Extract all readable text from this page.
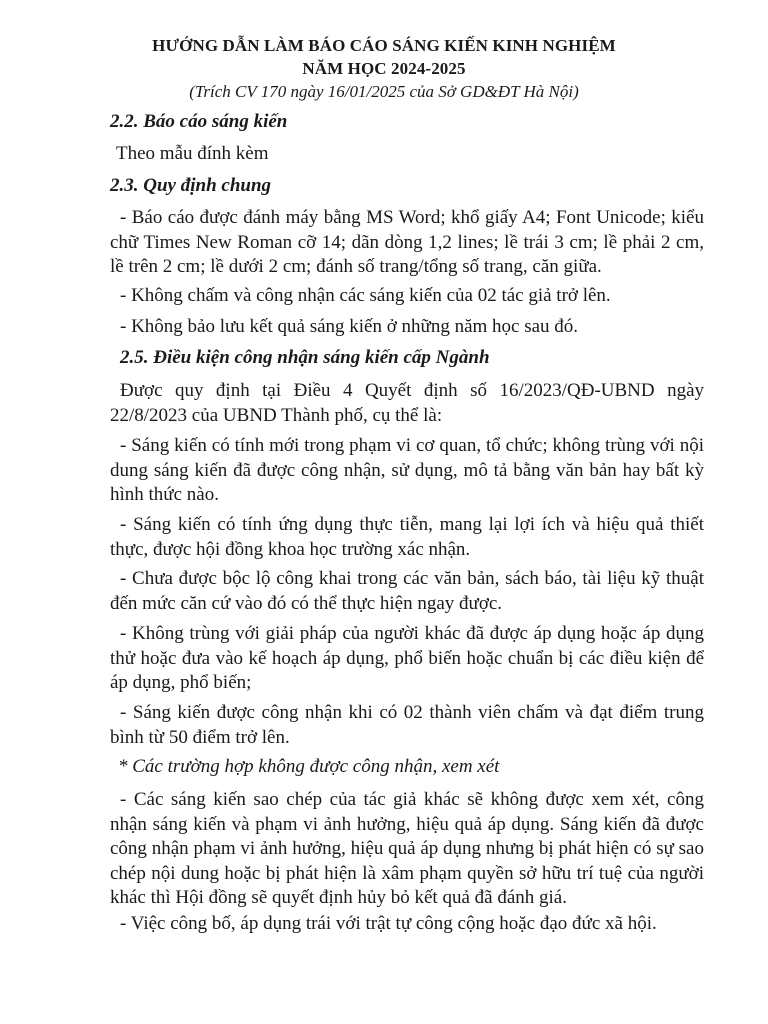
HƯỚNG DẪN LÀM BÁO CÁO SÁNG KIẾN KINH NGHIỆM
NĂM HỌC 2024-2025
(Trích CV 170 ngày 16/01/2025 của Sở GD&ĐT Hà Nội)
2.2. Báo cáo sáng kiến
Theo mẫu đính kèm
2.3. Quy định chung
- Báo cáo được đánh máy bằng MS Word; khổ giấy A4; Font Unicode; kiểu chữ Times New Roman cỡ 14; dãn dòng 1,2 lines; lề trái 3 cm; lề phải 2 cm, lề trên 2 cm; lề dưới 2 cm; đánh số trang/tổng số trang, căn giữa.
- Không chấm và công nhận các sáng kiến của 02 tác giả trở lên.
- Không bảo lưu kết quả sáng kiến ở những năm học sau đó.
2.5. Điều kiện công nhận sáng kiến cấp Ngành
Được quy định tại Điều 4 Quyết định số 16/2023/QĐ-UBND ngày 22/8/2023 của UBND Thành phố, cụ thể là:
- Sáng kiến có tính mới trong phạm vi cơ quan, tổ chức; không trùng với nội dung sáng kiến đã được công nhận, sử dụng, mô tả bằng văn bản hay bất kỳ hình thức nào.
- Sáng kiến có tính ứng dụng thực tiễn, mang lại lợi ích và hiệu quả thiết thực, được hội đồng khoa học trường xác nhận.
- Chưa được bộc lộ công khai trong các văn bản, sách báo, tài liệu kỹ thuật đến mức căn cứ vào đó có thể thực hiện ngay được.
- Không trùng với giải pháp của người khác đã được áp dụng hoặc áp dụng thử hoặc đưa vào kế hoạch áp dụng, phổ biến hoặc chuẩn bị các điều kiện để áp dụng, phổ biến;
- Sáng kiến được công nhận khi có 02 thành viên chấm và đạt điểm trung bình từ 50 điểm trở lên.
* Các trường hợp không được công nhận, xem xét
- Các sáng kiến sao chép của tác giả khác sẽ không được xem xét, công nhận sáng kiến và phạm vi ảnh hưởng, hiệu quả áp dụng. Sáng kiến đã được công nhận phạm vi ảnh hưởng, hiệu quả áp dụng nhưng bị phát hiện có sự sao chép nội dung hoặc bị phát hiện là xâm phạm quyền sở hữu trí tuệ của người khác thì Hội đồng sẽ quyết định hủy bỏ kết quả đã đánh giá.
- Việc công bố, áp dụng trái với trật tự công cộng hoặc đạo đức xã hội.
